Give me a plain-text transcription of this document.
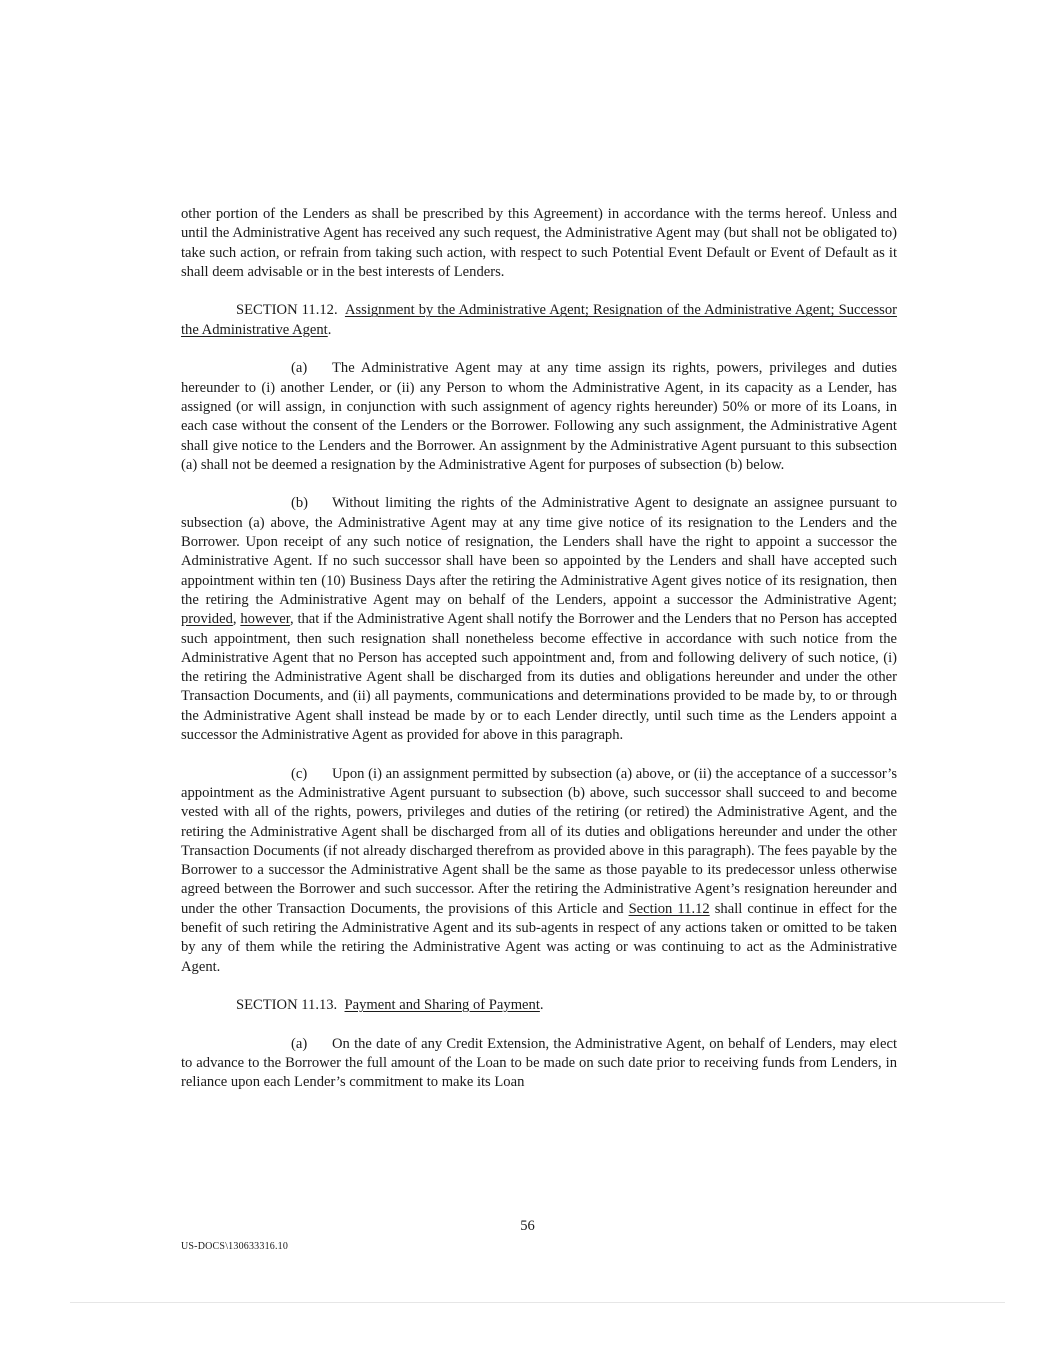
other portion of the Lenders as shall be prescribed by this Agreement) in accordance with the terms hereof. Unless and until the Administrative Agent has received any such request, the Administrative Agent may (but shall not be obligated to) take such action, or refrain from taking such action, with respect to such Potential Event Default or Event of Default as it shall deem advisable or in the best interests of Lenders.

SECTION 11.12. Assignment by the Administrative Agent; Resignation of the Administrative Agent; Successor the Administrative Agent.

(a) The Administrative Agent may at any time assign its rights, powers, privileges and duties hereunder to (i) another Lender, or (ii) any Person to whom the Administrative Agent, in its capacity as a Lender, has assigned (or will assign, in conjunction with such assignment of agency rights hereunder) 50% or more of its Loans, in each case without the consent of the Lenders or the Borrower. Following any such assignment, the Administrative Agent shall give notice to the Lenders and the Borrower. An assignment by the Administrative Agent pursuant to this subsection (a) shall not be deemed a resignation by the Administrative Agent for purposes of subsection (b) below.

(b) Without limiting the rights of the Administrative Agent to designate an assignee pursuant to subsection (a) above, the Administrative Agent may at any time give notice of its resignation to the Lenders and the Borrower. Upon receipt of any such notice of resignation, the Lenders shall have the right to appoint a successor the Administrative Agent. If no such successor shall have been so appointed by the Lenders and shall have accepted such appointment within ten (10) Business Days after the retiring the Administrative Agent gives notice of its resignation, then the retiring the Administrative Agent may on behalf of the Lenders, appoint a successor the Administrative Agent; provided, however, that if the Administrative Agent shall notify the Borrower and the Lenders that no Person has accepted such appointment, then such resignation shall nonetheless become effective in accordance with such notice from the Administrative Agent that no Person has accepted such appointment and, from and following delivery of such notice, (i) the retiring the Administrative Agent shall be discharged from its duties and obligations hereunder and under the other Transaction Documents, and (ii) all payments, communications and determinations provided to be made by, to or through the Administrative Agent shall instead be made by or to each Lender directly, until such time as the Lenders appoint a successor the Administrative Agent as provided for above in this paragraph.

(c) Upon (i) an assignment permitted by subsection (a) above, or (ii) the acceptance of a successor’s appointment as the Administrative Agent pursuant to subsection (b) above, such successor shall succeed to and become vested with all of the rights, powers, privileges and duties of the retiring (or retired) the Administrative Agent, and the retiring the Administrative Agent shall be discharged from all of its duties and obligations hereunder and under the other Transaction Documents (if not already discharged therefrom as provided above in this paragraph). The fees payable by the Borrower to a successor the Administrative Agent shall be the same as those payable to its predecessor unless otherwise agreed between the Borrower and such successor. After the retiring the Administrative Agent’s resignation hereunder and under the other Transaction Documents, the provisions of this Article and Section 11.12 shall continue in effect for the benefit of such retiring the Administrative Agent and its sub-agents in respect of any actions taken or omitted to be taken by any of them while the retiring the Administrative Agent was acting or was continuing to act as the Administrative Agent.

SECTION 11.13. Payment and Sharing of Payment.

(a) On the date of any Credit Extension, the Administrative Agent, on behalf of Lenders, may elect to advance to the Borrower the full amount of the Loan to be made on such date prior to receiving funds from Lenders, in reliance upon each Lender’s commitment to make its Loan

56
US-DOCS\130633316.10
